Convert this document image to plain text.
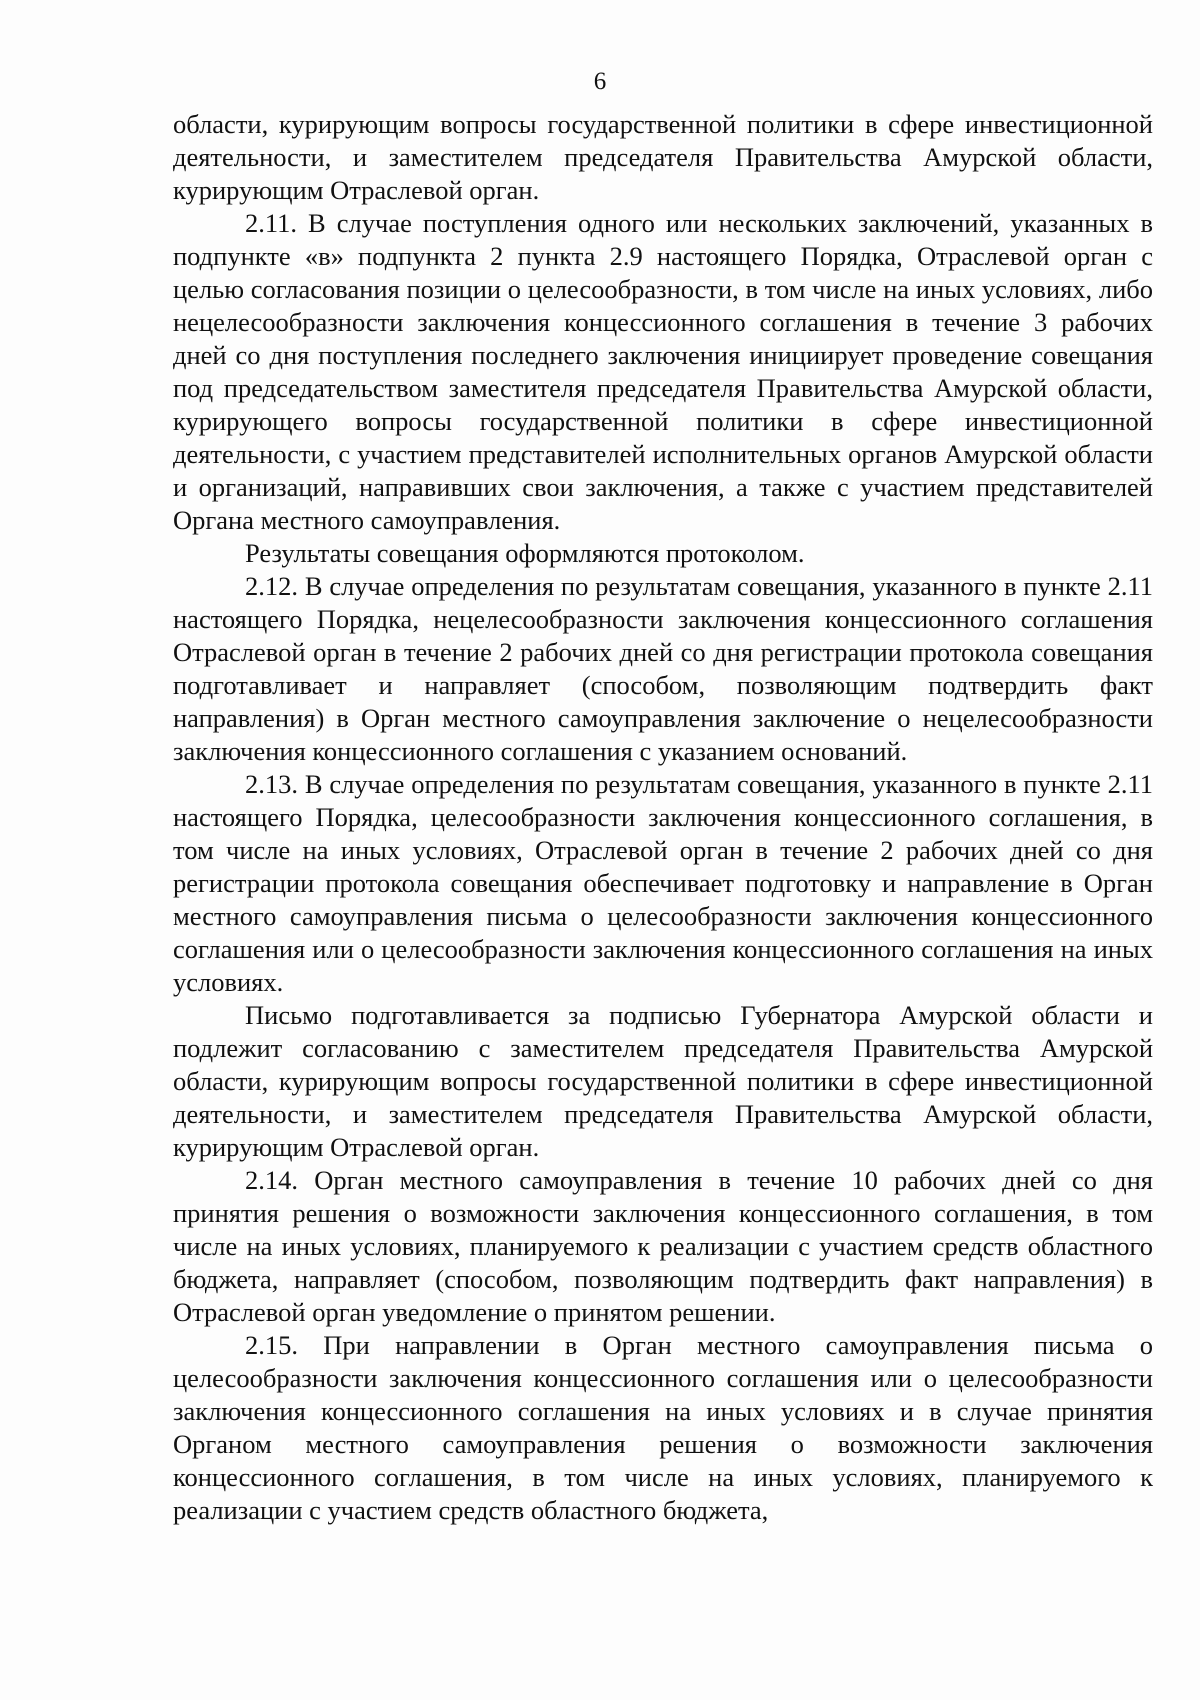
6

области, курирующим вопросы государственной политики в сфере инвестиционной деятельности, и заместителем председателя Правительства Амурской области, курирующим Отраслевой орган.

2.11. В случае поступления одного или нескольких заключений, указанных в подпункте «в» подпункта 2 пункта 2.9 настоящего Порядка, Отраслевой орган с целью согласования позиции о целесообразности, в том числе на иных условиях, либо нецелесообразности заключения концессионного соглашения в течение 3 рабочих дней со дня поступления последнего заключения инициирует проведение совещания под председательством заместителя председателя Правительства Амурской области, курирующего вопросы государственной политики в сфере инвестиционной деятельности, с участием представителей исполнительных органов Амурской области и организаций, направивших свои заключения, а также с участием представителей Органа местного самоуправления.

Результаты совещания оформляются протоколом.

2.12. В случае определения по результатам совещания, указанного в пункте 2.11 настоящего Порядка, нецелесообразности заключения концессионного соглашения Отраслевой орган в течение 2 рабочих дней со дня регистрации протокола совещания подготавливает и направляет (способом, позволяющим подтвердить факт направления) в Орган местного самоуправления заключение о нецелесообразности заключения концессионного соглашения с указанием оснований.

2.13. В случае определения по результатам совещания, указанного в пункте 2.11 настоящего Порядка, целесообразности заключения концессионного соглашения, в том числе на иных условиях, Отраслевой орган в течение 2 рабочих дней со дня регистрации протокола совещания обеспечивает подготовку и направление в Орган местного самоуправления письма о целесообразности заключения концессионного соглашения или о целесообразности заключения концессионного соглашения на иных условиях.

Письмо подготавливается за подписью Губернатора Амурской области и подлежит согласованию с заместителем председателя Правительства Амурской области, курирующим вопросы государственной политики в сфере инвестиционной деятельности, и заместителем председателя Правительства Амурской области, курирующим Отраслевой орган.

2.14. Орган местного самоуправления в течение 10 рабочих дней со дня принятия решения о возможности заключения концессионного соглашения, в том числе на иных условиях, планируемого к реализации с участием средств областного бюджета, направляет (способом, позволяющим подтвердить факт направления) в Отраслевой орган уведомление о принятом решении.

2.15. При направлении в Орган местного самоуправления письма о целесообразности заключения концессионного соглашения или о целесообразности заключения концессионного соглашения на иных условиях и в случае принятия Органом местного самоуправления решения о возможности заключения концессионного соглашения, в том числе на иных условиях, планируемого к реализации с участием средств областного бюджета,
